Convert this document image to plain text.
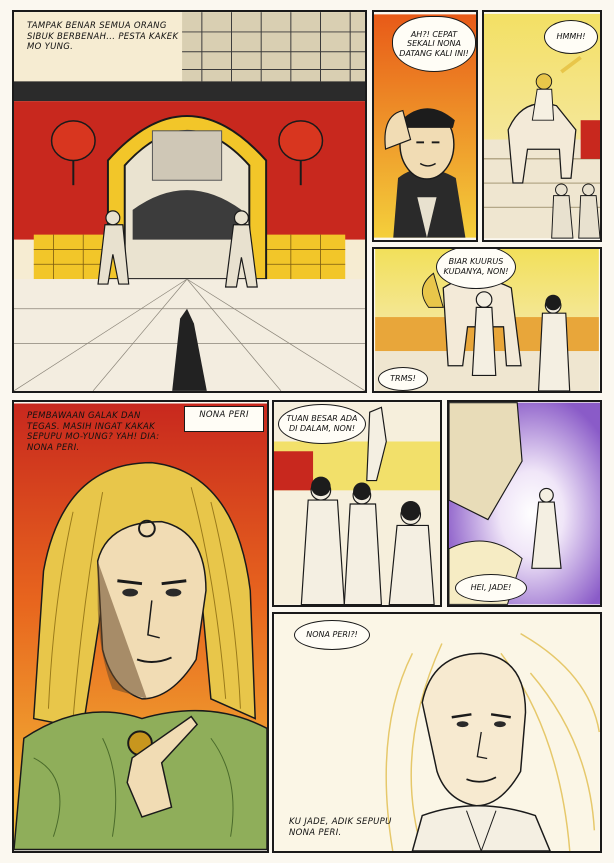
TAMPAK BENAR SEMUA ORANG SIBUK BERBENAH... PESTA KAKEK MO YUNG.
AH?! CEPAT SEKALI NONA DATANG KALI INI!
HMMH!
BIAR KUURUS KUDANYA, NON!
TRMS!
PEMBAWAAN GALAK DAN TEGAS. MASIH INGAT KAKAK SEPUPU MO-YUNG? YAH! DIA: NONA PERI.
NONA PERI	TUAN BESAR ADA DI DALAM, NON!
HEI, JADE!
NONA PERI?!
KU JADE, ADIK SEPUPU NONA PERI.
